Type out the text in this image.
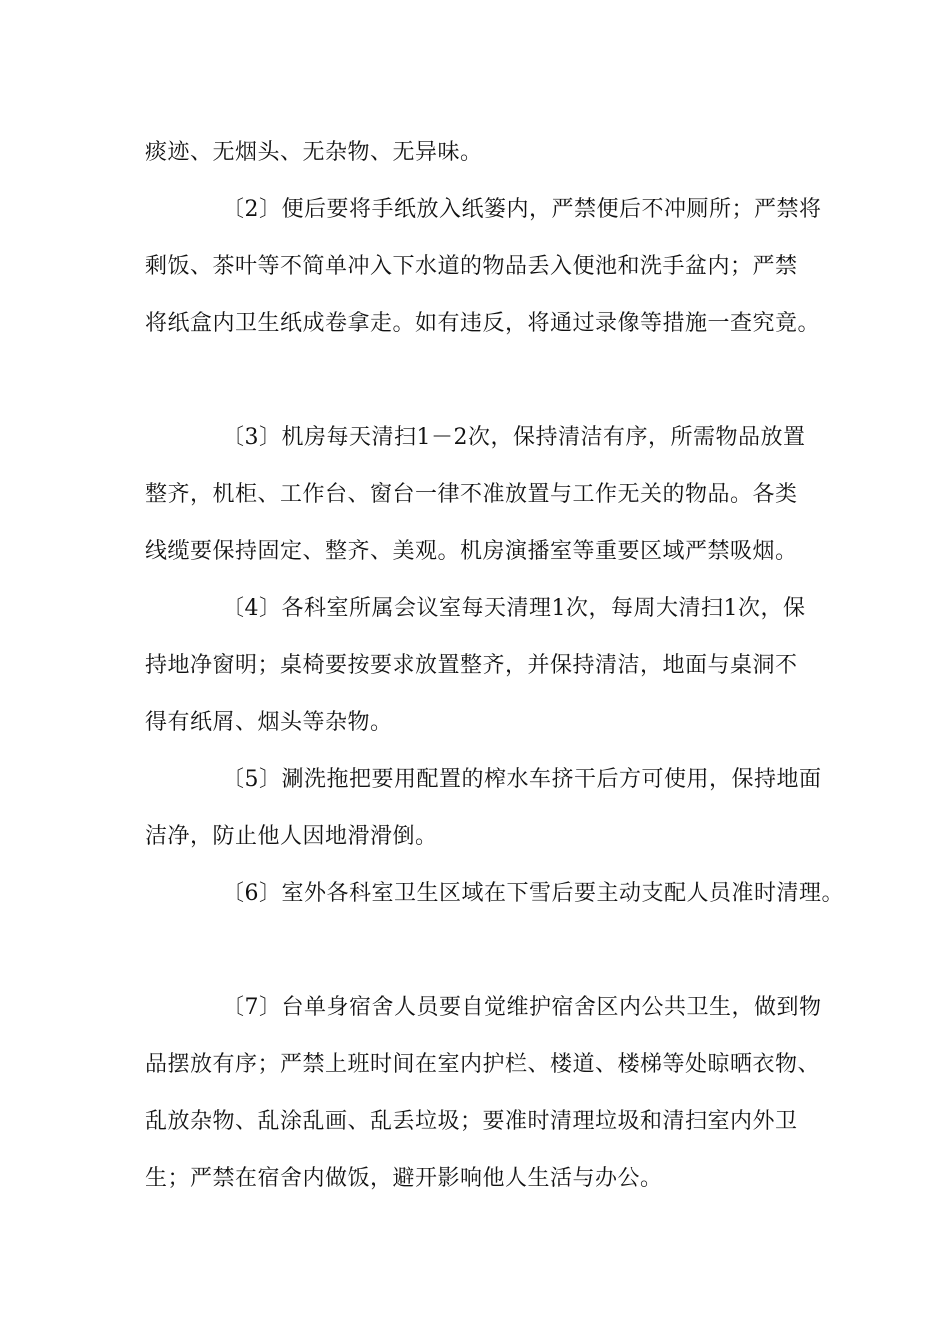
痰迹、无烟头、无杂物、无异味。
〔2〕便后要将手纸放入纸篓内，严禁便后不冲厕所；严禁将
剩饭、茶叶等不简单冲入下水道的物品丢入便池和洗手盆内；严禁
将纸盒内卫生纸成卷拿走。如有违反，将通过录像等措施一查究竟。
〔3〕机房每天清扫1－2次，保持清洁有序，所需物品放置
整齐，机柜、工作台、窗台一律不准放置与工作无关的物品。各类
线缆要保持固定、整齐、美观。机房演播室等重要区域严禁吸烟。
〔4〕各科室所属会议室每天清理1次，每周大清扫1次，保
持地净窗明；桌椅要按要求放置整齐，并保持清洁，地面与桌洞不
得有纸屑、烟头等杂物。
〔5〕涮洗拖把要用配置的榨水车挤干后方可使用，保持地面
洁净，防止他人因地滑滑倒。
〔6〕室外各科室卫生区域在下雪后要主动支配人员准时清理。
〔7〕台单身宿舍人员要自觉维护宿舍区内公共卫生，做到物
品摆放有序；严禁上班时间在室内护栏、楼道、楼梯等处晾晒衣物、
乱放杂物、乱涂乱画、乱丢垃圾；要准时清理垃圾和清扫室内外卫
生；严禁在宿舍内做饭，避开影响他人生活与办公。
